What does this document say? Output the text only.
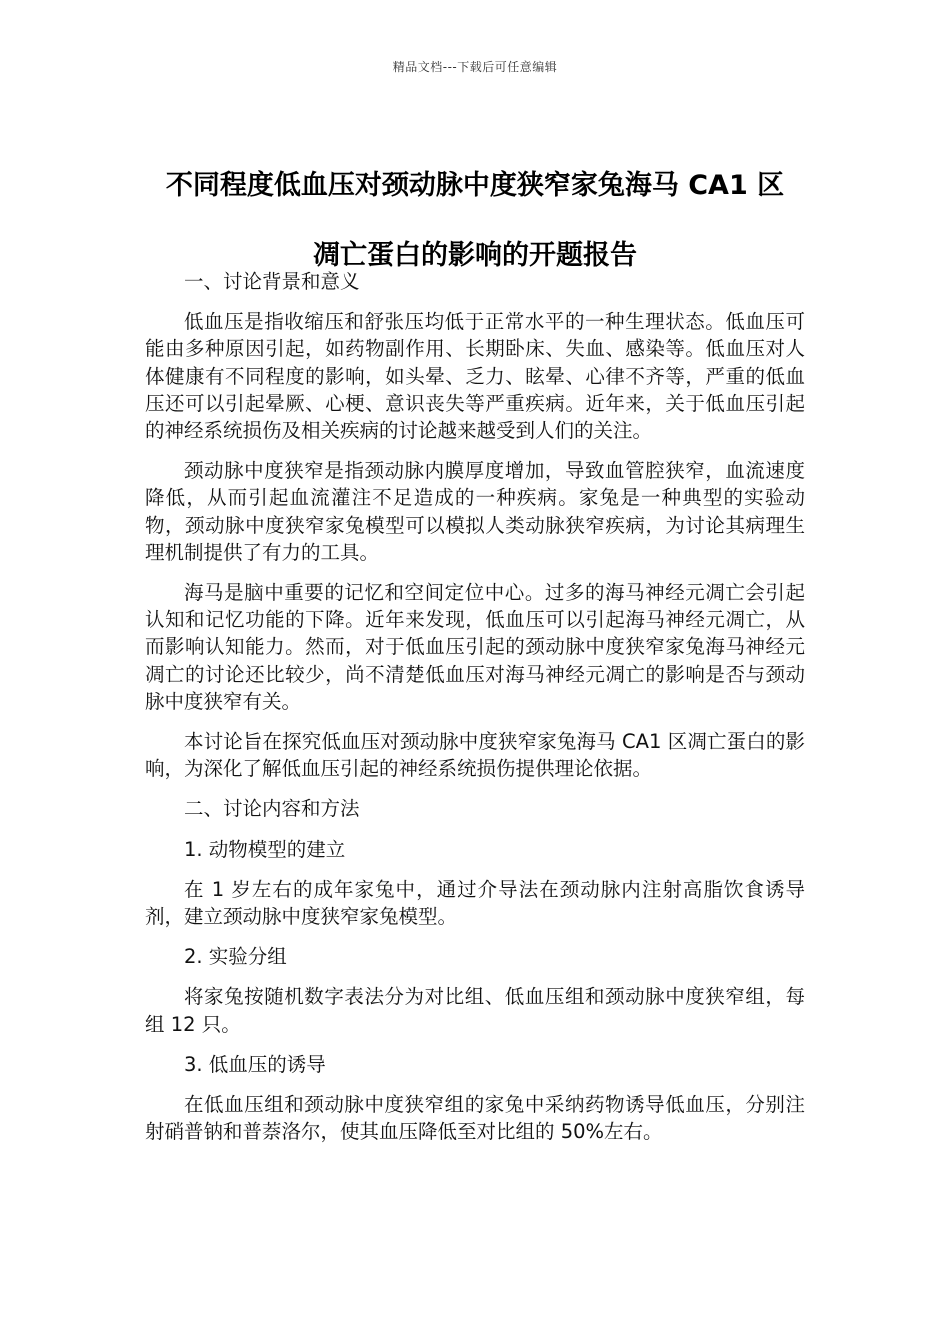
精品文档---下载后可任意编辑
不同程度低血压对颈动脉中度狭窄家兔海马 CA1 区
凋亡蛋白的影响的开题报告

一、讨论背景和意义

低血压是指收缩压和舒张压均低于正常水平的一种生理状态。低血压可能由多种原因引起，如药物副作用、长期卧床、失血、感染等。低血压对人体健康有不同程度的影响，如头晕、乏力、眩晕、心律不齐等，严重的低血压还可以引起晕厥、心梗、意识丧失等严重疾病。近年来，关于低血压引起的神经系统损伤及相关疾病的讨论越来越受到人们的关注。

颈动脉中度狭窄是指颈动脉内膜厚度增加，导致血管腔狭窄，血流速度降低，从而引起血流灌注不足造成的一种疾病。家兔是一种典型的实验动物，颈动脉中度狭窄家兔模型可以模拟人类动脉狭窄疾病，为讨论其病理生理机制提供了有力的工具。

海马是脑中重要的记忆和空间定位中心。过多的海马神经元凋亡会引起认知和记忆功能的下降。近年来发现，低血压可以引起海马神经元凋亡，从而影响认知能力。然而，对于低血压引起的颈动脉中度狭窄家兔海马神经元凋亡的讨论还比较少，尚不清楚低血压对海马神经元凋亡的影响是否与颈动脉中度狭窄有关。

本讨论旨在探究低血压对颈动脉中度狭窄家兔海马 CA1 区凋亡蛋白的影响，为深化了解低血压引起的神经系统损伤提供理论依据。

二、讨论内容和方法

1. 动物模型的建立

在 1 岁左右的成年家兔中，通过介导法在颈动脉内注射高脂饮食诱导剂，建立颈动脉中度狭窄家兔模型。

2. 实验分组

将家兔按随机数字表法分为对比组、低血压组和颈动脉中度狭窄组，每组 12 只。

3. 低血压的诱导

在低血压组和颈动脉中度狭窄组的家兔中采纳药物诱导低血压，分别注射硝普钠和普萘洛尔，使其血压降低至对比组的 50%左右。
